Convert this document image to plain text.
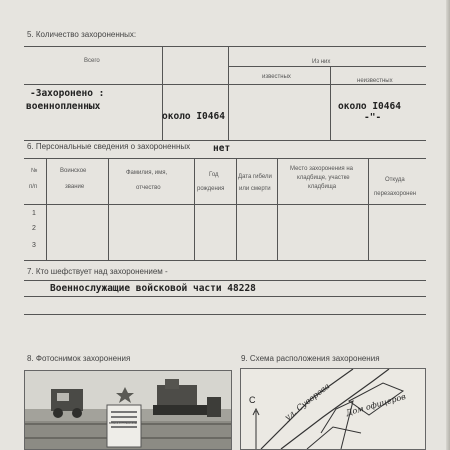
5. Количество захороненных:
Всего	Из них
известных
неизвестных
-Захоронено :
военнопленных
около I0464
около I0464
-"-
6. Персональные сведения о захороненных нет
№
п/п
Воинское
звание
Фамилия, имя,
отчество
Год
рождения
Дата гибели
или смерти
Место захоронения на
кладбище, участке
кладбища
Откуда
перезахоронен
1
2
3
7. Кто шефствует над захоронением -
Военнослужащие войсковой части 48228
8. Фотоснимок захоронения
ВОЕННОПЛЕННЫЕ
9. Схема расположения захоронения
С	ул. Суворова Дом офицеров
